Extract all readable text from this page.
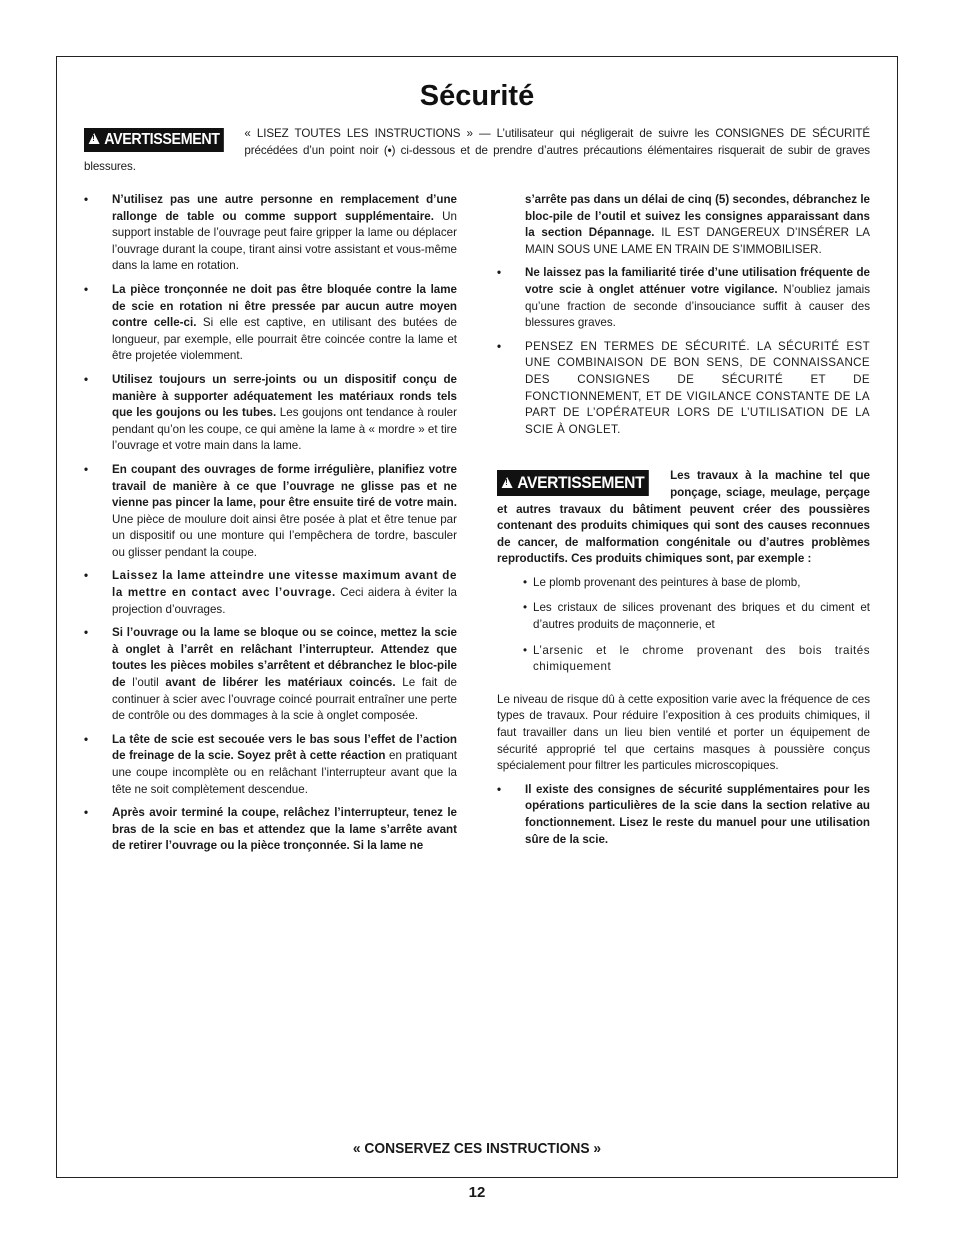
Sécurité
!AVERTISSEMENT	« LISEZ TOUTES LES INSTRUCTIONS » — L’utilisateur qui négligerait de suivre les CONSIGNES DE SÉCURITÉ précédées d’un point noir (•) ci-dessous et de prendre d’autres précautions élémentaires risquerait de subir de graves blessures.
• N’utilisez pas une autre personne en remplacement d’une rallonge de table ou comme support supplémentaire. Un support instable de l’ouvrage peut faire gripper la lame ou déplacer l’ouvrage durant la coupe, tirant ainsi votre assistant et vous-même dans la lame en rotation.
• La pièce tronçonnée ne doit pas être bloquée contre la lame de scie en rotation ni être pressée par aucun autre moyen contre celle-ci. Si elle est captive, en utilisant des butées de longueur, par exemple, elle pourrait être coincée contre la lame et être projetée violemment.
• Utilisez toujours un serre-joints ou un dispositif conçu de manière à supporter adéquatement les matériaux ronds tels que les goujons ou les tubes. Les goujons ont tendance à rouler pendant qu’on les coupe, ce qui amène la lame à « mordre » et tire l’ouvrage et votre main dans la lame.
• En coupant des ouvrages de forme irrégulière, planifiez votre travail de manière à ce que l’ouvrage ne glisse pas et ne vienne pas pincer la lame, pour être ensuite tiré de votre main. Une pièce de moulure doit ainsi être posée à plat et être tenue par un dispositif ou une monture qui l’empêchera de tordre, basculer ou glisser pendant la coupe.
• Laissez la lame atteindre une vitesse maximum avant de la mettre en contact avec l’ouvrage. Ceci aidera à éviter la projection d’ouvrages.
• Si l’ouvrage ou la lame se bloque ou se coince, mettez la scie à onglet à l’arrêt en relâchant l’interrupteur. Attendez que toutes les pièces mobiles s’arrêtent et débranchez le bloc-pile de l’outil avant de libérer les matériaux coincés. Le fait de continuer à scier avec l’ouvrage coincé pourrait entraîner une perte de contrôle ou des dommages à la scie à onglet composée.
• La tête de scie est secouée vers le bas sous l’effet de l’action de freinage de la scie. Soyez prêt à cette réaction en pratiquant une coupe incomplète ou en relâchant l’interrupteur avant que la tête ne soit complètement descendue.
• Après avoir terminé la coupe, relâchez l’interrupteur, tenez le bras de la scie en bas et attendez que la lame s’arrête avant de retirer l’ouvrage ou la pièce tronçonnée. Si la lame ne
s’arrête pas dans un délai de cinq (5) secondes, débranchez le bloc-pile de l’outil et suivez les consignes apparaissant dans la section Dépannage. IL EST DANGEREUX D’INSÉRER LA MAIN SOUS UNE LAME EN TRAIN DE S’IMMOBILISER.
• Ne laissez pas la familiarité tirée d’une utilisation fréquente de votre scie à onglet atténuer votre vigilance. N’oubliez jamais qu’une fraction de seconde d’insouciance suffit à causer des blessures graves.
• PENSEZ EN TERMES DE SÉCURITÉ. LA SÉCURITÉ EST UNE COMBINAISON DE BON SENS, DE CONNAISSANCE DES CONSIGNES DE SÉCURITÉ ET DE FONCTIONNEMENT, ET DE VIGILANCE CONSTANTE DE LA PART DE L’OPÉRATEUR LORS DE L’UTILISATION DE LA SCIE À ONGLET.
!AVERTISSEMENT	Les travaux à la machine tel que ponçage, sciage, meulage, perçage et autres travaux du bâtiment peuvent créer des poussières contenant des produits chimiques qui sont des causes reconnues de cancer, de malformation congénitale ou d’autres problèmes reproductifs. Ces produits chimiques sont, par exemple :
• Le plomb provenant des peintures à base de plomb,
• Les cristaux de silices provenant des briques et du ciment et d’autres produits de maçonnerie, et
• L’arsenic et le chrome provenant des bois traités chimiquement
Le niveau de risque dû à cette exposition varie avec la fréquence de ces types de travaux. Pour réduire l’exposition à ces produits chimiques, il faut travailler dans un lieu bien ventilé et porter un équipement de sécurité approprié tel que certains masques à poussière conçus spécialement pour filtrer les particules microscopiques.
• Il existe des consignes de sécurité supplémentaires pour les opérations particulières de la scie dans la section relative au fonctionnement. Lisez le reste du manuel pour une utilisation sûre de la scie.
« CONSERVEZ CES INSTRUCTIONS »
12
